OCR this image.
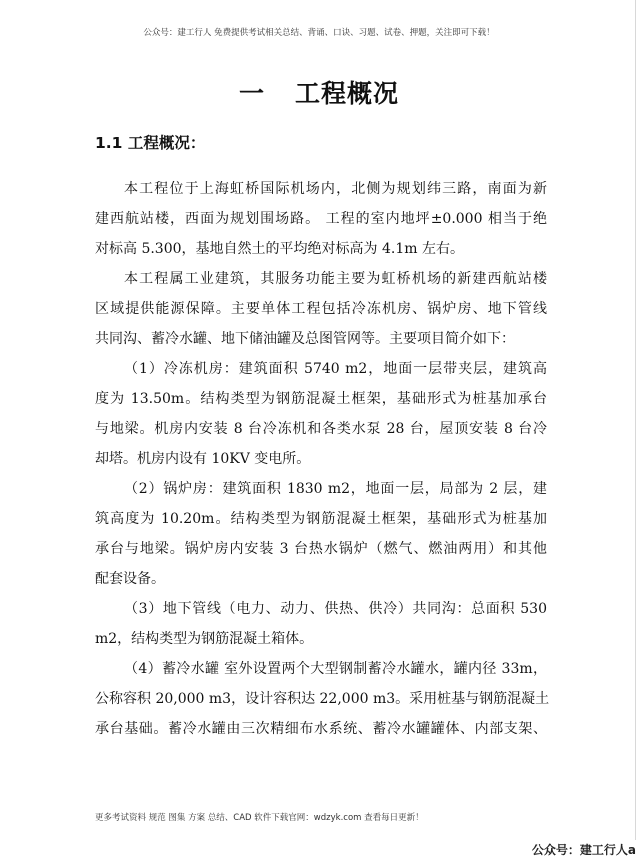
公众号：建工行人 免费提供考试相关总结、背诵、口诀、习题、试卷、押题，关注即可下载！
一 工程概况
1.1 工程概况：

本工程位于上海虹桥国际机场内，北侧为规划纬三路，南面为新
建西航站楼，西面为规划围场路。 工程的室内地坪±0.000 相当于绝
对标高 5.300，基地自然土的平均绝对标高为 4.1m 左右。

本工程属工业建筑，其服务功能主要为虹桥机场的新建西航站楼
区域提供能源保障。主要单体工程包括冷冻机房、锅炉房、地下管线
共同沟、蓄冷水罐、地下储油罐及总图管网等。主要项目简介如下：

（1）冷冻机房：建筑面积 5740 m2，地面一层带夹层，建筑高
度为 13.50m。结构类型为钢筋混凝土框架，基础形式为桩基加承台
与地梁。机房内安装 8 台冷冻机和各类水泵 28 台，屋顶安装 8 台冷
却塔。机房内设有 10KV 变电所。

（2）锅炉房：建筑面积 1830 m2，地面一层，局部为 2 层，建
筑高度为 10.20m。结构类型为钢筋混凝土框架，基础形式为桩基加
承台与地梁。锅炉房内安装 3 台热水锅炉（燃气、燃油两用）和其他
配套设备。

（3）地下管线（电力、动力、供热、供冷）共同沟：总面积 530
m2，结构类型为钢筋混凝土箱体。

（4）蓄冷水罐 室外设置两个大型钢制蓄冷水罐水，罐内径 33m，
公称容积 20,000 m3，设计容积达 22,000 m3。采用桩基与钢筋混凝土
承台基础。蓄冷水罐由三次精细布水系统、蓄冷水罐罐体、内部支架、

更多考试资料 规范 图集 方案 总结、CAD 软件下载官网：wdzyk.com 查看每日更新！
公众号：建工行人a
